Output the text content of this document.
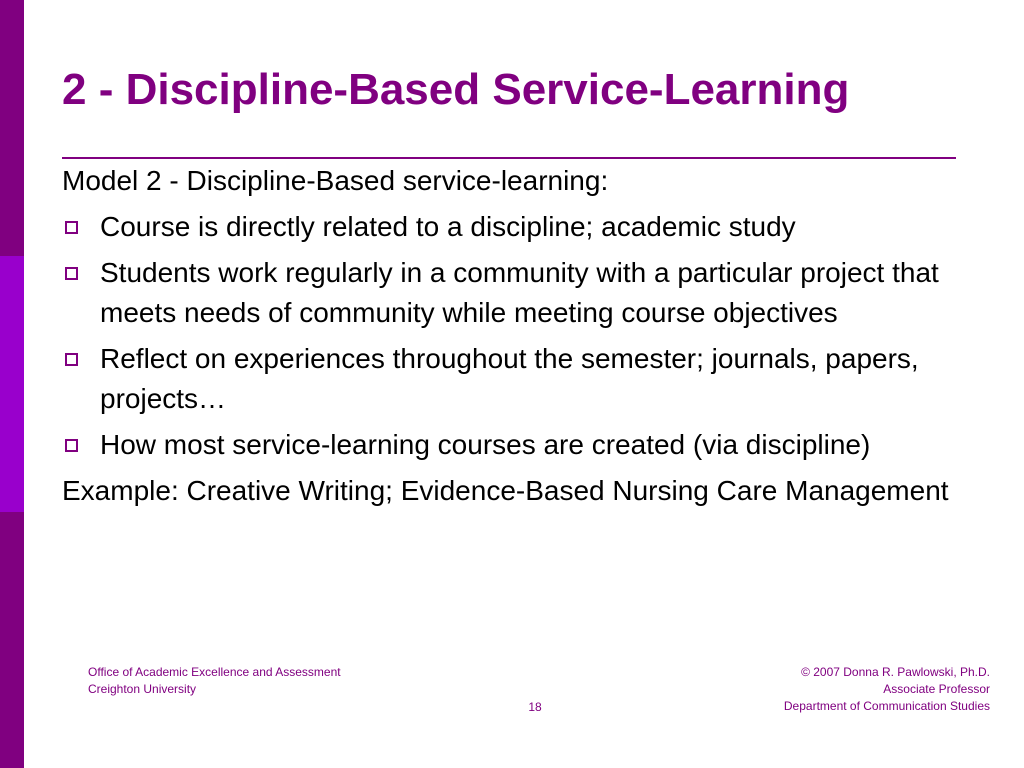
2 - Discipline-Based Service-Learning

Model 2 - Discipline-Based service-learning:

Course is directly related to a discipline; academic study
Students work regularly in a community with a particular project that meets needs of community while meeting course objectives
Reflect on experiences throughout the semester; journals, papers, projects…
How most service-learning courses are created (via discipline)

Example: Creative Writing; Evidence-Based Nursing Care Management

Office of Academic Excellence and Assessment
Creighton University
18
© 2007 Donna R. Pawlowski, Ph.D.
Associate Professor
Department of Communication Studies
